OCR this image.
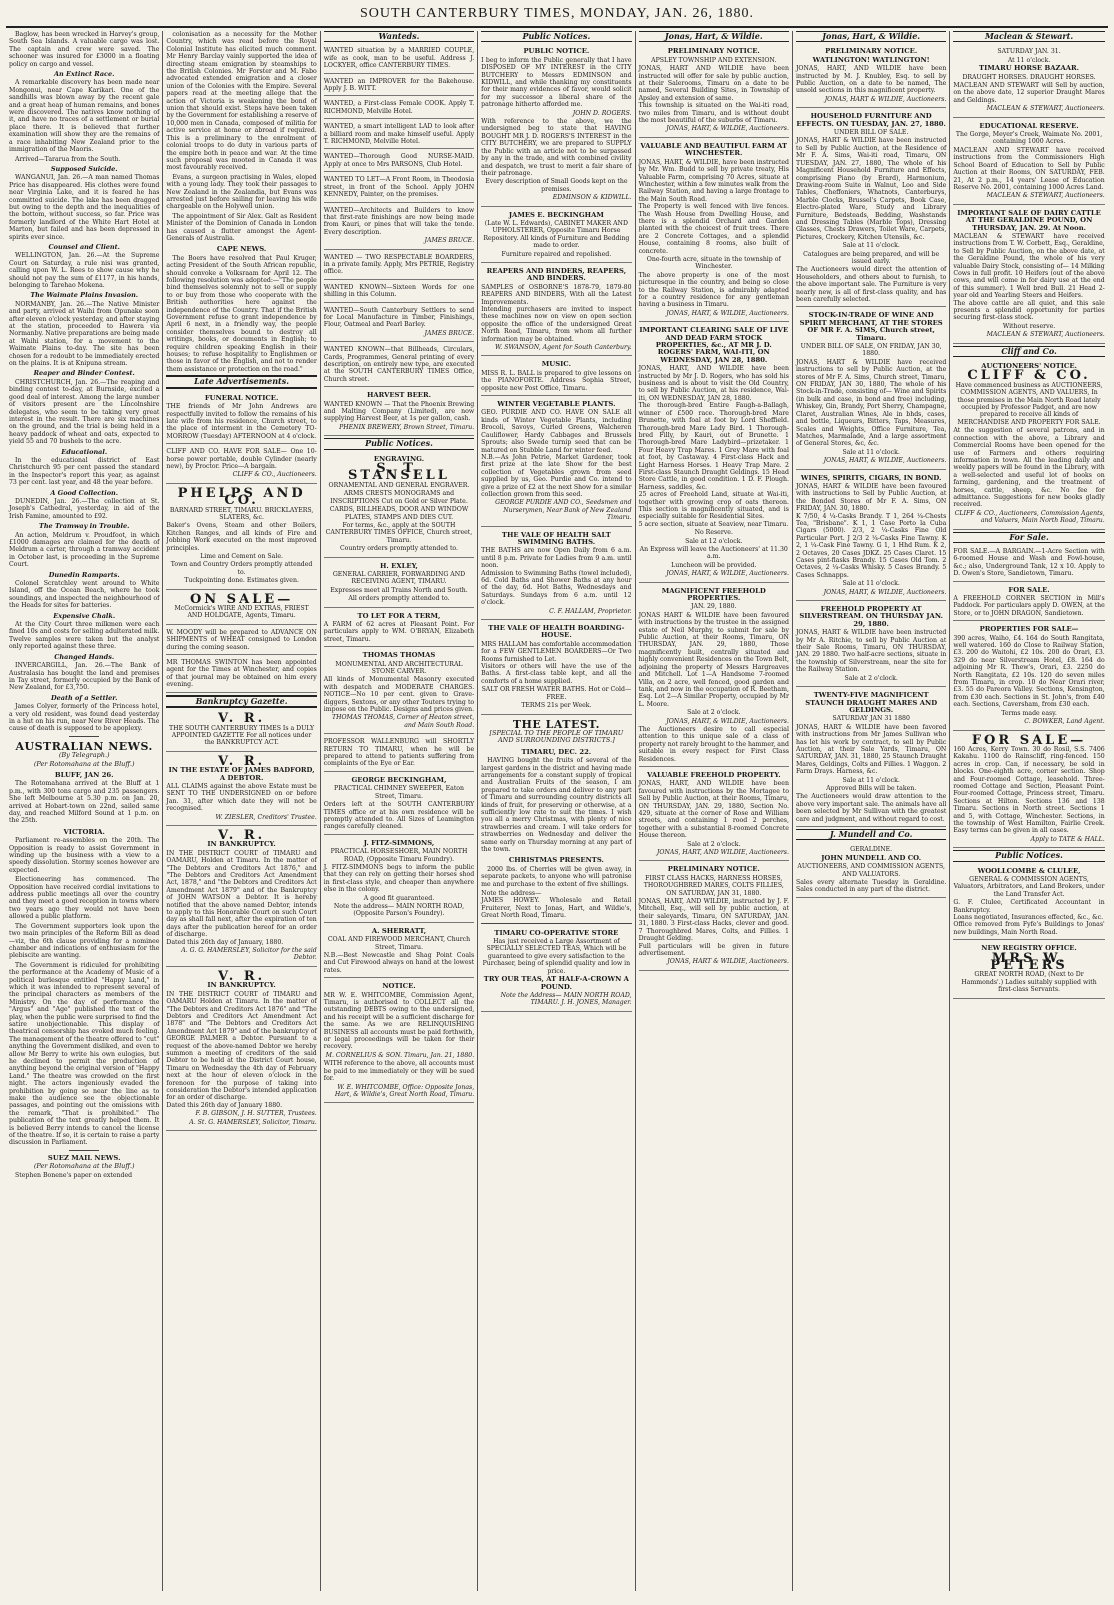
SOUTH CANTERBURY TIMES, MONDAY, JAN. 26, 1880.

Baglow, has been wrecked in Harvey's group, South Sea Islands. A valuable cargo was lost. The captain and crew were saved. The schooner was insured for £3000 in a floating policy on cargo and vessel.

An Extinct Race.

A remarkable discovery has been made near Mongonui, near Cape Karikari. One of the sandhills was blown away by the recent gale and a great heap of human remains, and bones were discovered. The natives know nothing of it, and have no traces of a settlement or burial place there. It is believed that further examination will show they are the remains of a race inhabiting New Zealand prior to the immigration of the Maoris.

Arrived—Tararua from the South.

Supposed Suicide.

WANGANUI, Jan. 26.—A man named Thomas Price has disappeared. His clothes were found near Virginia Lake, and it is feared he has committed suicide. The lake has been dragged but owing to the depth and the inequalities of the bottom, without success, so far. Price was formerly landlord of the White Hart Hotel at Marton, but failed and has been depressed in spirits ever since.

Counsel and Client.

WELLINGTON, Jan. 26.—At the Supreme Court on Saturday, a rule nisi was granted, calling upon W. L. Rees to show cause why he should not pay the sum of £1177, in his hands, belonging to Tarehao Mokena.

The Waimate Plains Invasion.

NORMANBY, Jan. 26.—The Native Minister and party, arrived at Waihi from Opunake soon after eleven o'clock yesterday, and after staying at the station, proceeded to Hawera via Normanby. Native preparations are being made at Waihi station, for a movement to the Waimate Plains to-day. The site has been chosen for a redoubt to be immediately erected on the plains. It is at Knipuna stream.

Reaper and Binder Contest.

CHRISTCHURCH, Jan. 26.—The reaping and binding contest to-day, at Burnside, excited a good deal of interest. Among the large number of visitors present are the Lincolnshire delegates, who seem to be taking very great interest in the result. There are six machines on the ground, and the trial is being held in a heavy paddock of wheat and oats, expected to yield 55 and 70 bushels to the acre.

Educational.

In the educational district of East Christchurch 95 per cent passed the standard in the Inspector's report this year, as against 73 per cent. last year, and 48 the year before.

A Good Collection.

DUNEDIN, Jan. 26.—The collection at St. Joseph's Cathedral, yesterday, in aid of the Irish Famine, amounted to £92.

The Tramway in Trouble.

An action, Meldrum v. Proudfoot, in which £1000 damages are claimed for the death of Meldrum a carter, through a tramway accident in October last, is proceeding in the Supreme Court.

Dunedin Ramparts.

Colonel Scratchley went around to White Island, off the Ocean Beach, where he took soundings, and inspected the neighbourhood of the Heads for sites for batteries.

Expensive Chalk.

At the City Court three milkmen were each fined 10s and costs for selling adulterated milk. Twelve samples were taken but the analyst only reported against these three.

Changed Hands.

INVERCARGILL, Jan. 26.—The Bank of Australasia has bought the land and premises in Tay street, formerly occupied by the Bank of New Zealand, for £3,750.

Death of a Settler.

James Colyer, formerly of the Princess hotel, a very old resident, was found dead yesterday in a hut on his run, near New River Heads. The cause of death is supposed to be apoplexy.

AUSTRALIAN NEWS.
(By Telegraph.)
(Per Rotomahana at the Bluff.)
BLUFF, JAN 26.

The Rotomahana arrived at the Bluff at 1 p.m., with 300 tons cargo and 235 passengers. She left Melbourne at 5.30 p.m. on Jan. 20, arrived at Hobart-town on 22nd, sailed same day, and reached Milford Sound at 1 p.m. on the 25th.

VICTORIA.

Parliament re-assembles on the 20th. The Opposition is ready to assist Government in winding up the business with a view to a speedy dissolution. Stormy scenes however are expected.

Electioneering has commenced. The Opposition have received cordial invitations to address public meetings all over the country and they meet a good reception in towns where two years ago they would not have been allowed a public platform.

The Government supporters look upon the two main principles of the Reform Bill as dead—viz, the 6th clause providing for a nominee chamber and indications of enthusiasm for the plebiscite are wanting.

The Government is ridiculed for prohibiting the performance at the Academy of Music of a political burlesque entitled "Happy Land," in which it was intended to represent several of the principal characters as members of the Ministry. On the day of performance the "Argus" and "Age" published the text of the play, when the public were surprised to find the satire unobjectionable. This display of theatrical censorship has evoked much feeling. The management of the theatre offered to "cut" anything the Government disliked, and even to allow Mr Berry to write his own eulogies, but he declined to permit the production of anything beyond the original version of "Happy Land." The theatre was crowded on the first night. The actors ingeniously evaded the prohibition by going so near the line as to make the audience see the objectionable passages, and pointing out the omissions with the remark, "That is prohibited." The publication of the text greatly helped them. It is believed Berry intends to cancel the license of the theatre. If so, it is certain to raise a party discussion in Parliament.

SUEZ MAIL NEWS.
(Per Rotomahana at the Bluff.)

Stephen Bonene's paper on extended

colonisation as a necessity for the Mother Country, which was read before the Royal Colonial Institute has elicited much comment. Mr Henry Barclay vainly supported the idea of directing steam emigration by steamships to the British Colonies. Mr Forster and M. Fabo advocated extended emigration and a closer union of the Colonies with the Empire. Several papers read at the meeting allege that the action of Victoria is weakening the bond of union that should exist. Steps have been taken by the Government for establishing a reserve of 10,000 men in Canada, composed of militia for active service at home or abroad if required. This is a preliminary to the enrolment of colonial troops to do duty in various parts of the empire both in peace and war. At the time such proposal was mooted in Canada it was most favourably received.

Evans, a surgeon practising in Wales, eloped with a young lady. They took their passages to New Zealand in the Zealandia, but Evans was arrested just before sailing for leaving his wife chargeable on the Holywell union.

The appointment of Sir Alex. Galt as Resident Minister of the Dominion of Canada in London has caused a flutter amongst the Agent-Generals of Australia.

CAPE NEWS.

The Boers have resolved that Paul Kruger, acting President of the South African republic, should convoke a Volksraam for April 12. The following resolution was adopted:—"The people bind themselves solemnly not to sell or supply to or buy from those who cooperate with the British authorities here against the independence of the Country. That if the British Government refuse to grant independence by April 6 next, in a friendly way, the people consider themselves bound to destroy all writings, books, or documents in English; to require children speaking English in their houses; to refuse hospitality to Englishmen or those in favor of the English, and not to render them assistance or protection on the road."

Late Advertisements.
FUNERAL NOTICE.
THE friends of Mr John Andrews are respectfully invited to follow the remains of his late wife from his residence, Church street, to the place of interment in the Cemetery TO-MORROW (Tuesday) AFTERNOON at 4 o'clock.
CLIFF AND CO. HAVE FOR SALE— One 10-horse power portable, double Cylinder (nearly new), by Proctor. Price—A bargain.
CLIFF & CO., Auctioneers.
PHELPS AND CO.
BARNARD STREET, TIMARU. BRICKLAYERS, SLATERS, &c.
Baker's Ovens, Steam and other Boilers, Kitchen Ranges, and all kinds of Fire and Jobbing Work executed on the most improved principles.
Lime and Cement on Sale.
Town and Country Orders promptly attended to.
Tuckpointing done. Estimates given.
ON SALE—
McCormick's WIRE AND EXTRAS, FRIEST AND HOLDGATE, Agents, Timaru.
W. MOODY will be prepared to ADVANCE ON SHIPMENTS of WHEAT consigned to London during the coming season.
MR THOMAS SWINTON has been appointed agent for the Times at Winchester, and copies of that journal may be obtained on him every evening.
Bankruptcy Gazette.
V. R.
THE SOUTH CANTERBURY TIMES Is a DULY APPOINTED GAZETTE For all notices under the BANKRUPTCY ACT.
V. R.
IN THE ESTATE OF JAMES BADFORD, A DEBTOR.
ALL CLAIMS against the above Estate must be SENT TO THE UNDERSIGNED on or before Jan. 31, after which date they will not be recognised.
W. ZIESLER, Creditors' Trustee.
V. R.
IN BANKRUPTCY.
IN THE DISTRICT COURT of TIMARU and OAMARU, Holden at Timaru. In the matter of "The Debtors and Creditors Act 1876," and "The Debtors and Creditors Act Amendment Act, 1878," and "the Debtors and Creditors Act Amendment Act 1879" and of the Bankruptcy of JOHN WATSON a Debtor. It is hereby notified that the above named Debtor, intends to apply to this Honorable Court on such Court day as shall fall next, after the expiration of ten days after the publication hereof for an order of discharge.
Dated this 26th day of January, 1880.
A. G. G. HAMERSLEY, Solicitor for the said Debtor.
V. R.
IN BANKRUPTCY.
IN THE DISTRICT COURT of TIMARU and OAMARU Holden at Timaru. In the matter of "The Debtors and Creditors Act 1876" and "The Debtors and Creditors Act Amendment Act 1878" and "The Debtors and Creditors Act Amendment Act 1879" and of the bankruptcy of GEORGE PALMER a Debtor. Pursuant to a request of the above-named Debtor we hereby summon a meeting of creditors of the said Debtor to be held at the District Court house, Timaru on Wednesday the 4th day of February next at the hour of eleven o'clock in the forenoon for the purpose of taking into consideration the Debtor's intended application for an order of discharge.
Dated this 26th day of January 1880.
F. B. GIBSON, J. H. SUTTER, Trustees.
A. St. G. HAMERSLEY, Solicitor, Timaru.
Wanteds.
WANTED situation by a MARRIED COUPLE, wife as cook, man to be useful. Address J. LOCKYER, office CANTERBURY TIMES.
WANTED an IMPROVER for the Bakehouse. Apply J. B. WITT.
WANTED, a First-class Female COOK. Apply T. RICHMOND, Melville Hotel.
WANTED, a smart intelligent LAD to look after a billiard room and make himself useful. Apply T. RICHMOND, Melville Hotel.
WANTED—Thorough Good NURSE-MAID. Apply at once to Mrs PARSONS, Club Hotel.
WANTED TO LET—A Front Room, in Theodosia street, in front of the School. Apply JOHN KENNEDY, Painter, on the premises.
WANTED—Architects and Builders to know that first-rate finishings are now being made from Kauri, or pines that will take the tende. Every description.
JAMES BRUCE.
WANTED — TWO RESPECTABLE BOARDERS, in a private family. Apply, Mrs PETRIE, Registry office.
WANTED KNOWN—Sixteen Words for one shilling in this Column.
WANTED—South Canterbury Settlers to send for Local Manufacture in Timber, Finishings, Flour, Oatmeal and Pearl Barley.
JAMES BRUCE.
WANTED KNOWN—that Billheads, Circulars, Cards, Programmes, General printing of every description, on entirely new type, are executed at the SOUTH CANTERBURY TIMES Office, Church street.
HARVEST BEER.
WANTED KNOWN — That the Phoenix Brewing and Malting Company (Limited), are now supplying Harvest Beer, at 1s per gallon, cash.
PHENIX BREWERY, Brown Street, Timaru.
Public Notices.
ENGRAVING.
S. T. STANSELL
ORNAMENTAL AND GENERAL ENGRAVER.
ARMS CRESTS MONOGRAMS and INSCRIPTIONS Cut on Gold or Silver Plate.
CARDS, BILLHEADS, DOOR AND WINDOW PLATES, STAMPS AND DIES CUT.
For terms, &c., apply at the SOUTH CANTERBURY TIMES OFFICE, Church street, Timaru.
Country orders promptly attended to.
H. EXLEY,
GENERAL CARRIER, FORWARDING AND RECEIVING AGENT, TIMARU.
Expresses meet all Trains North and South.
All orders promptly attended to.
TO LET FOR A TERM,
A FARM of 62 acres at Pleasant Point. For particulars apply to WM. O'BRYAN, Elizabeth street, Timaru.
THOMAS THOMAS
MONUMENTAL AND ARCHITECTURAL STONE CARVER.
All kinds of Monumental Masonry executed with despatch and MODERATE CHARGES. NOTICE—No 10 per cent. given to Grave-diggers, Sextons, or any other Touters trying to impose on the Public. Designs and prices given.
THOMAS THOMAS, Corner of Heaton street, and Main South Road.
PROFESSOR WALLENBURG will SHORTLY RETURN TO TIMARU, when he will be prepared to attend to patients suffering from complaints of the Eye or Ear.
GEORGE BECKINGHAM,
PRACTICAL CHIMNEY SWEEPER, Eaton Street, Timaru.
Orders left at the SOUTH CANTERBURY TIMES office or at his own residence will be promptly attended to. All Sizes of Leamington ranges carefully cleaned.
J. FITZ-SIMMONS,
PRACTICAL HORSESHOER, MAIN NORTH ROAD, (Opposite Timaru Foundry).
J. FITZ-SIMMONS begs to inform the public that they can rely on getting their horses shod in first-class style, and cheaper than anywhere else in the colony.
A good fit guaranteed.
Note the address— MAIN NORTH ROAD, (Opposite Parson's Foundry).
A. SHERRATT,
COAL AND FIREWOOD MERCHANT, Church Street, Timaru.
N.B.—Best Newcastle and Shag Point Coals and Cut Firewood always on hand at the lowest rates.
NOTICE.
MR W. E. WHITCOMBE, Commission Agent, Timaru, is authorised to COLLECT all the outstanding DEBTS owing to the undersigned, and his receipt will be a sufficient discharge for the same. As we are RELINQUISHING BUSINESS all accounts must be paid forthwith, or legal proceedings will be taken for their recovery.
M. CORNELIUS & SON. Timaru, Jan. 21, 1880.
WITH reference to the above, all accounts must be paid to me immediately or they will be sued for.
W. E. WHITCOMBE, Office: Opposite Jonas, Hart, & Wildie's, Great North Road, Timaru.
Public Notices.
PUBLIC NOTICE.
I beg to inform the Public generally that I have DISPOSED OF MY INTEREST in the CITY BUTCHERY to Messrs EDMINSON and KIDWILL, and while thanking my constituents for their many evidences of favor, would solicit for my successor a liberal share of the patronage hitherto afforded me.
JOHN D. ROGERS.
With reference to the above, we the undersigned beg to state that HAVING BOUGHT MR J. D. ROGERS'S INTEREST in the CITY BUTCHERY, we are prepared to SUPPLY the Public with an article not to be surpassed by any in the trade, and with combined civility and despatch, we trust to merit a fair share of their patronage.
Every description of Small Goods kept on the premises.
EDMINSON & KIDWILL.
JAMES E. BECKINGHAM
(Late W. L. Edwards), CABINET MAKER AND UPHOLSTERER, Opposite Timaru Horse Repository. All kinds of Furniture and Bedding made to order.
Furniture repaired and repolished.
REAPERS AND BINDERS, REAPERS, AND BINDERS.
SAMPLES of OSBORNE'S 1878-79, 1879-80 REAPERS AND BINDERS, With all the Latest Improvements.
Intending purchasers are invited to inspect these machines now on view on open section opposite the office of the undersigned Great North Road, Timaru, from whom all further information may be obtained.
W. SWANSON, Agent for South Canterbury.
MUSIC.
MISS R. L. BALL is prepared to give lessons on the PIANOFORTE. Address Sophia Street, opposite new Post Office, Timaru.
WINTER VEGETABLE PLANTS.
GEO. PURDIE AND CO. HAVE ON SALE all kinds of Winter Vegetable Plants, including Brocoli, Savoys, Curled Greens, Walcheren Cauliflower, Hardy Cabbages and Brussels Sprouts; also Swede turnip seed that can be matured on Stubble Land for winter feed.
N.B.—As John Petrie, Market Gardener, took first prize at the late Show for the best collection of Vegetables grown from seed supplied by us, Geo. Purdie and Co. intend to give a prize of £2 at the next Show for a similar collection grown from this seed.
GEORGE PURDIE AND CO., Seedsmen and Nurserymen, Near Bank of New Zealand Timaru.
THE VALE OF HEALTH SALT SWIMMING BATHS.
THE BATHS are now Open Daily from 6 a.m. until 8 p.m. Private for Ladies from 9 a.m. until noon.
Admission to Swimming Baths (towel included), 6d. Cold Baths and Shower Baths at any hour of the day, 6d. Hot Baths, Wednesdays and Saturdays. Sundays from 6 a.m. until 12 o'clock.
C. F. HALLAM, Proprietor.
THE VALE OF HEALTH BOARDING-HOUSE.
MRS HALLAM has comfortable accommodation for a FEW GENTLEMEN BOARDERS—Or Two Rooms furnished to Let.
Visitors or others will have the use of the Baths. A first-class table kept, and all the comforts of a home supplied.
SALT OR FRESH WATER BATHS. Hot or Cold—FREE.
TERMS 21s per Week.
THE LATEST.
[SPECIAL TO THE PEOPLE OF TIMARU AND SURROUNDING DISTRICTS.]
TIMARU, DEC. 22.

HAVING bought the fruits of several of the largest gardens in the district and having made arrangements for a constant supply of tropical and Australian Fruits of the season, I am prepared to take orders and deliver to any part of Timaru and surrounding country districts all kinds of fruit, for preserving or otherwise, at a sufficiently low rate to suit the times. I wish you all a merry Christmas, with plenty of nice strawberries and cream. I will take orders for strawberries on Wednesday and deliver the same early on Thursday morning at any part of the town.

CHRISTMAS PRESENTS.

2000 lbs. of Cherries will be given away, in separate packets, to anyone who will patronise me and purchase to the extent of five shillings.

Note the address—
JAMES HOWEY. Wholesale and Retail Fruiterer, Next to Jonas, Hart, and Wildie's, Great North Road, Timaru.
TIMARU CO-OPERATIVE STORE
Has just received a Large Assortment of SPECIALLY SELECTED TEAS, Which will be guaranteed to give every satisfaction to the Purchaser, being of splendid quality and low in price.
TRY OUR TEAS, AT HALF-A-CROWN A POUND.
Note the Address— MAIN NORTH ROAD, TIMARU. J. H. JONES, Manager.
Jonas, Hart, & Wildie.
PRELIMINARY NOTICE.
APSLEY TOWNSHIP AND EXTENSION.
JONAS, HART AND WILDIE have been instructed will offer for sale by public auction, at their Salerooms, Timaru on a date to be named, Several Building Sites, in Township of Apsley and extension of same.
This township is situated on the Wai-iti road, two miles from Timaru, and is without doubt the most beautiful of the suburbs of Timaru.
JONAS, HART, & WILDIE, Auctioneers.
VALUABLE AND BEAUTIFUL FARM AT WINCHESTER.
JONAS, HART, & WILDIE, have been instructed by Mr. Wm. Budd to sell by private treaty, His Valuable Farm, comprising 70 Acres, situate at Winchester, within a few minutes walk from the Railway Station, and having a large frontage to the Main South Road.
The Property is well fenced with live fences. The Wash House from Dwelling House, and there is a splendid Orchard and Garden planted with the choicest of fruit trees. There are 2 Concrete Cottages, and a splendid House, containing 8 rooms, also built of concrete.
One-fourth acre, situate in the township of Winchester.
The above property is one of the most picturesque in the country, and being so close to the Railway Station, is admirably adapted for a country residence for any gentleman having a business in Timaru.
JONAS, HART, & WILDIE, Auctioneers.
IMPORTANT CLEARING SALE OF LIVE AND DEAD FARM STOCK PROPERTIES, &c., AT MR J. D. ROGERS' FARM, WAI-ITI, ON WEDNESDAY, JAN 28, 1880.
JONAS, HART, AND WILDIE have been instructed by Mr J. D. Rogers, who has sold his business and is about to visit the Old Country, to sell by Public Auction, at his residence, Wai-iti, ON WEDNESDAY, JAN 28, 1880.
The thorough-bred Entire Faugh-a-Ballagh, winner of £500 race. Thorough-bred Mare Brunette, with foal at foot by Lord Sheffield. Thorough-bred Mare Lady Bird. 1 Thorough-bred Filly, by Kauri, out of Brunette. 1 Thorough-bred Mare Ladybird—prizetaker. 1 Four Heavy Trap Mares. 1 Grey Mare with foal at foot, by Castaway. 4 First-class Hack and Light Harness Horses. 1 Heavy Trap Mare. 2 First-class Staunch Draught Geldings. 15 Head Store Cattle, in good condition. 1 D. F. Plough. Harness, saddles, &c.
25 acres of Freehold Land, situate at Wai-iti, together with growing crop of oats thereon. This section is magnificently situated, and is especially suitable for Residential Sites.
5 acre section, situate at Seaview, near Timaru.
No Reserve.
Sale at 12 o'clock.
An Express will leave the Auctioneers' at 11.30 a.m.
Luncheon will be provided.
JONAS, HART, & WILDIE, Auctioneers.
MAGNIFICENT FREEHOLD PROPERTIES.
JAN. 29, 1880.
JONAS HART & WILDIE have been favoured with instructions by the trustee in the assigned estate of Neil Murphy, to submit for sale by Public Auction, at their Rooms, Timaru, ON THURSDAY, JAN. 29, 1880, Those magnificently built, centrally situated and highly convenient Residences on the Town Belt, adjoining the property of Messrs Hargreaves and Mitchell. Lot 1—A Handsome 7-roomed Villa, on 2 acre, well fenced, good garden and tank, and now in the occupation of R. Beetham, Esq. Lot 2—A Similar Property, occupied by Mr L. Moore.
Sale at 2 o'clock.
JONAS, HART, & WILDIE, Auctioneers.
The Auctioneers desire to call especial attention to this unique sale of a class of property not rarely brought to the hammer, and suitable in every respect for First Class Residences.
VALUABLE FREEHOLD PROPERTY.
JONAS, HART, AND WILDIE have been favoured with instructions by the Mortagee to Sell by Public Auction, at their Rooms, Timaru, ON THURSDAY, JAN. 29, 1880, Section No. 429, situate at the corner of Rose and William streets, and containing 1 rood 2 perches, together with a substantial 8-roomed Concrete House thereon.
Sale at 2 o'clock.
JONAS, HART, AND WILDIE, Auctioneers.
PRELIMINARY NOTICE.
FIRST CLASS HACKS, HARNESS HORSES, THOROUGHBRED MARES, COLTS FILLIES, ON SATURDAY, JAN 31, 1880.
JONAS, HART, AND WILDIE, instructed by J. F. Mitchell, Esq., will sell by public auction, at their saleyards, Timaru, ON SATURDAY, JAN. 31, 1880. 3 First-class Hacks, clever and good. 7 Thoroughbred Mares, Colts, and Fillies. 1 Draught Gelding.
Full particulars will be given in future advertisement.
JONAS, HART & WILDIE, Auctioneers.
Jonas, Hart, & Wildie.
PRELIMINARY NOTICE.
WATLINGTON! WATLINGTON!
JONAS, HART, AND WILDIE have been instructed by M. J. Knubley, Esq. to sell by Public Auction, on a date to be named, The unsold sections in this magnificent property.
JONAS, HART & WILDIE, Auctioneers.
HOUSEHOLD FURNITURE AND EFFECTS. ON TUESDAY, JAN. 27, 1880.
UNDER BILL OF SALE.
JONAS, HART & WILDIE have been instructed to Sell by Public Auction, at the Residence of Mr F. A. Sims, Wai-iti road, Timaru, ON TUESDAY, JAN. 27, 1880, The whole of his Magnificent Household Furniture and Effects, comprising Piano (by Erard), Harmonium, Drawing-room Suite in Walnut, Loo and Side Tables, Cheffoniers, Whatnots, Canterburys, Marble Clocks, Brussel's Carpets, Book Case, Electro-plated Ware, Study and Library Furniture, Bedsteads, Bedding, Washstands and Dressing Tables (Marble Tops), Dressing Glasses, Chests Drawers, Toilet Ware, Carpets, Pictures, Crockery, Kitchen Utensils, &c.
Sale at 11 o'clock.
Catalogues are being prepared, and will be issued early.
The Auctioneers would direct the attention of Householders, and others about to furnish, to the above important sale. The Furniture is very nearly new, is all of first-class quality, and has been carefully selected.
STOCK-IN-TRADE OF WINE AND SPIRIT MERCHANT, AT THE STORES OF MR F. A. SIMS, Church street, Timaru.
UNDER BILL OF SALE, ON FRIDAY, JAN 30, 1880.
JONAS, HART & WILDIE have received instructions to sell by Public Auction, at the stores of Mr F. A. Sims, Church street, Timaru, ON FRIDAY, JAN 30, 1880, The whole of his Stock-in-Trade, consisting of— Wine and Spirits (in bulk and case, in bond and free) including, Whiskey, Gin, Brandy, Port Sherry, Champagne, Claret, Australian Wines, Ale in bhds, cases, and bottle, Liqueurs, Bitters, Taps, Measures, Scales and Weights, Office Furniture, Tea, Matches, Marmalade, And a large assortment of General Stores, &c, &c.
Sale at 11 o'clock.
JONAS, HART, & WILDIE, Auctioneers.
WINES, SPIRITS, CIGARS, IN BOND.
JONAS, HART & WILDIE have been favoured with instructions to Sell by Public Auction, at the Bonded Stores of Mr F. A. Sims, ON FRIDAY, JAN. 30, 1880.
K 7/50, 4 ¼-Casks Brandy. T 1, 264 ¼-Chests Tea, "Brisbane". K 1, 1 Case Porto la Cuba Cigars (5000). 2/3, 2 ¼-Casks Fine Old Particular Port. J 2/3 2 ¼-Casks Fine Tawny. K 2, 1 ¼-Cask Fine Tawny. G 1, 1 Hhd Rum. K 2, 2 Octaves, 20 Cases JDKZ. 25 Cases Claret. 15 Cases pint-flasks Brandy. 15 Cases Old Tom. 2 Octaves, 2 ¼-Casks Whisky. 5 Cases Brandy. 5 Cases Schnapps.
Sale at 11 o'clock.
JONAS, HART, & WILDIE, Auctioneers.
FREEHOLD PROPERTY AT SILVERSTREAM. ON THURSDAY JAN. 29, 1880.
JONAS, HART & WILDIE have been instructed by Mr A. Ritchie, to sell by Public Auction at their Sale Rooms, Timaru, ON THURSDAY, JAN. 29 1880. Two half-acre sections, situate in the township of Silverstream, near the site for the Railway Station.
Sale at 2 o'clock.
TWENTY-FIVE MAGNIFICENT STAUNCH DRAUGHT MARES AND GELDINGS.
SATURDAY JAN 31 1880
JONAS, HART & WILDIE have been favored with instructions from Mr James Sullivan who has let his work by contract, to sell by Public Auction, at their Sale Yards, Timaru, ON SATURDAY, JAN. 31, 1880, 25 Staunch Draught Mares, Geldings, Colts and Fillies. 1 Waggon. 2 Farm Drays. Harness, &c.
Sale at 11 o'clock.
Approved Bills will be taken.
The Auctioneers would draw attention to the above very important sale. The animals have all been selected by Mr Sullivan with the greatest care and judgment, and without regard to cost.
J. Mundell and Co.
GERALDINE.
JOHN MUNDELL AND CO.
AUCTIONEERS, AND COMMISSION AGENTS, AND VALUATORS.
Sales every alternate Tuesday in Geraldine. Sales conducted in any part of the district.
Maclean & Stewart.
SATURDAY JAN. 31.
At 11 o'clock.
TIMARU HORSE BAZAAR.
DRAUGHT HORSES. DRAUGHT HORSES.
MACLEAN AND STEWART will Sell by auction, on the above date, 12 superior Draught Mares and Geldings.
MACLEAN & STEWART, Auctioneers.
EDUCATIONAL RESERVE.
The Gorge, Meyer's Creek, Waimate No. 2001, containing 1000 Acres.
MACLEAN AND STEWART have received instructions from the Commissioners High School Board of Education to Sell by Public Auction at their Rooms, ON SATURDAY, FEB. 21, At 2 p.m., 14 years' Lease of Education Reserve No. 2001, containing 1000 Acres Land.
MACLEAN & STEWART, Auctioneers.
IMPORTANT SALE OF DAIRY CATTLE AT THE GERALDINE POUND, ON THURSDAY, JAN. 29. At Noon.
MACLEAN & STEWART have received instructions from T. W. Corbett, Esq., Geraldine, to Sell by Public Auction, on the above date, at the Geraldine Pound, the whole of his very valuable Dairy Stock, consisting of— 14 Milking Cows in full profit. 10 Heifers (out of the above cows, and will come in for dairy use at the end of this summer). 1 Well bred Bull. 21 Head 2-year old and Yearling Steers and Heifers.
The above cattle are all quiet, and this sale presents a splendid opportunity for parties securing first-class stock.
Without reserve.
MACLEAN & STEWART, Auctioneers.
Cliff and Co.
AUCTIONEERS' NOTICE.
CLIFF & CO.
Have commenced business as AUCTIONEERS, COMMISSION AGENTS, AND VALUERS, In those premises in the Main North Road lately occupied by Professor Padget, and are now prepared to receive all kinds of MERCHANDISE AND PROPERTY FOR SALE.
At the suggestion of several patrons, and in connection with the above, a Library and Commercial Rooms have been opened for the use of Farmers and others requiring information in town. All the leading daily and weekly papers will be found in the Library, with a well-selected and useful lot of books on farming, gardening, and the treatment of horses, cattle, sheep, &c. No fee for admittance. Suggestions for new books gladly received.
CLIFF & CO., Auctioneers, Commission Agents, and Valuers, Main North Road, Timaru.
For Sale.
FOR SALE.—A BARGAIN.—1-Acre Section with 6-roomed House and Wash and Fowl-house, &c.; also, Underground Tank, 12 x 10. Apply to D. Owen's Store, Sandietown, Timaru.
FOR SALE.
A FREEHOLD CORNER SECTION in Mill's Paddock. For particulars apply D. OWEN, at the Store, or to JOHN DRAGON, Sandietown.
PROPERTIES FOR SALE—
390 acres, Waiho, £4. 164 do South Rangitata, well watered. 160 do Close to Railway Station, £3. 200 do Waitohi, £2 10s. 200 do Orari, £3. 329 do near Silverstream Hotel, £8. 164 do adjoining Mr R. Thew's, Orari, £3. 2250 do North Rangitata, £2 10s. 120 do seven miles from Timaru, in crop. 10 do Near Orari river, £3. 55 do Pareora Valley. Sections, Kensington, from £30 each. Sections in St. John's, from £40 each. Sections, Caversham, from £30 each.
Terms made easy.
C. BOWKER, Land Agent.
FOR SALE—
160 Acres, Kerry Town. 30 do Rosil, S.S. 7406 Kakahu. 1100 do Rainscliff, ring-fenced. 150 acres in crop. Can, if necessary, be sold in blocks. One-eighth acre, corner section. Shop and Four-roomed Cottage, leasehold. Three-roomed Cottage and Section, Pleasant Point. Four-roomed Cottage, Princess street, Timaru. Sections at Hilton. Sections 136 and 138 Timaru. Sections in North street. Sections 1 and 5, with Cottage, Winchester. Sections, in the township of West Hamilton, Fairlie Creek. Easy terms can be given in all cases.
Apply to TATE & HALL.
Public Notices.
WOOLLCOMBE & CLULEE,
GENERAL & COMMISSION AGENTS, Valuators, Arbitrators, and Land Brokers, under the Land Transfer Act.
G. F. Clulee, Certificated Accountant in Bankruptcy.
Loans negotiated, Insurances effected, &c., &c.
Office removed from Fyfe's Buildings to Jonas' new buildings, Main North Road.
NEW REGISTRY OFFICE.
MRS W. PETERS
GREAT NORTH ROAD, (Next to Dr Hammonds'.) Ladies suitably supplied with first-class Servants.
